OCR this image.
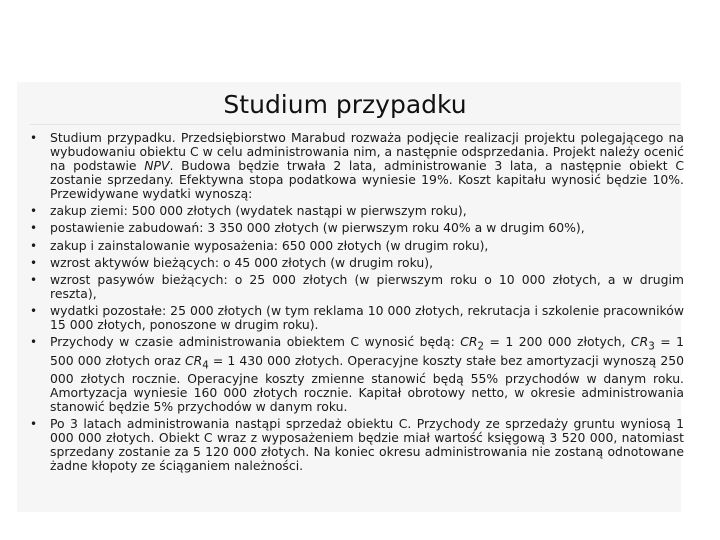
Studium przypadku
• Studium przypadku. Przedsiębiorstwo Marabud rozważa podjęcie realizacji projektu polegającego na wybudowaniu obiektu C w celu administrowania nim, a następnie odsprzedania. Projekt należy ocenić na podstawie NPV. Budowa będzie trwała 2 lata, administrowanie 3 lata, a następnie obiekt C zostanie sprzedany. Efektywna stopa podatkowa wyniesie 19%. Koszt kapitału wynosić będzie 10%. Przewidywane wydatki wynoszą:
• zakup ziemi: 500 000 złotych (wydatek nastąpi w pierwszym roku),
• postawienie zabudowań: 3 350 000 złotych (w pierwszym roku 40% a w drugim 60%),
• zakup i zainstalowanie wyposażenia: 650 000 złotych (w drugim roku),
• wzrost aktywów bieżących: o 45 000 złotych (w drugim roku),
• wzrost pasywów bieżących: o 25 000 złotych (w pierwszym roku o 10 000 złotych, a w drugim reszta),
• wydatki pozostałe: 25 000 złotych (w tym reklama 10 000 złotych, rekrutacja i szkolenie pracowników 15 000 złotych, ponoszone w drugim roku).
• Przychody w czasie administrowania obiektem C wynosić będą: $CR_2 = 1$ 200 000 złotych, $CR_3 = 1$ 500 000 złotych oraz $CR_4 = 1$ 430 000 złotych. Operacyjne koszty stałe bez amortyzacji wynoszą 250 000 złotych rocznie. Operacyjne koszty zmienne stanowić będą 55% przychodów w danym roku. Amortyzacja wyniesie 160 000 złotych rocznie. Kapitał obrotowy netto, w okresie administrowania stanowić będzie 5% przychodów w danym roku.
• Po 3 latach administrowania nastąpi sprzedaż obiektu C. Przychody ze sprzedaży gruntu wyniosą 1 000 000 złotych. Obiekt C wraz z wyposażeniem będzie miał wartość księgową 3 520 000, natomiast sprzedany zostanie za 5 120 000 złotych. Na koniec okresu administrowania nie zostaną odnotowane żadne kłopoty ze ściąganiem należności.
